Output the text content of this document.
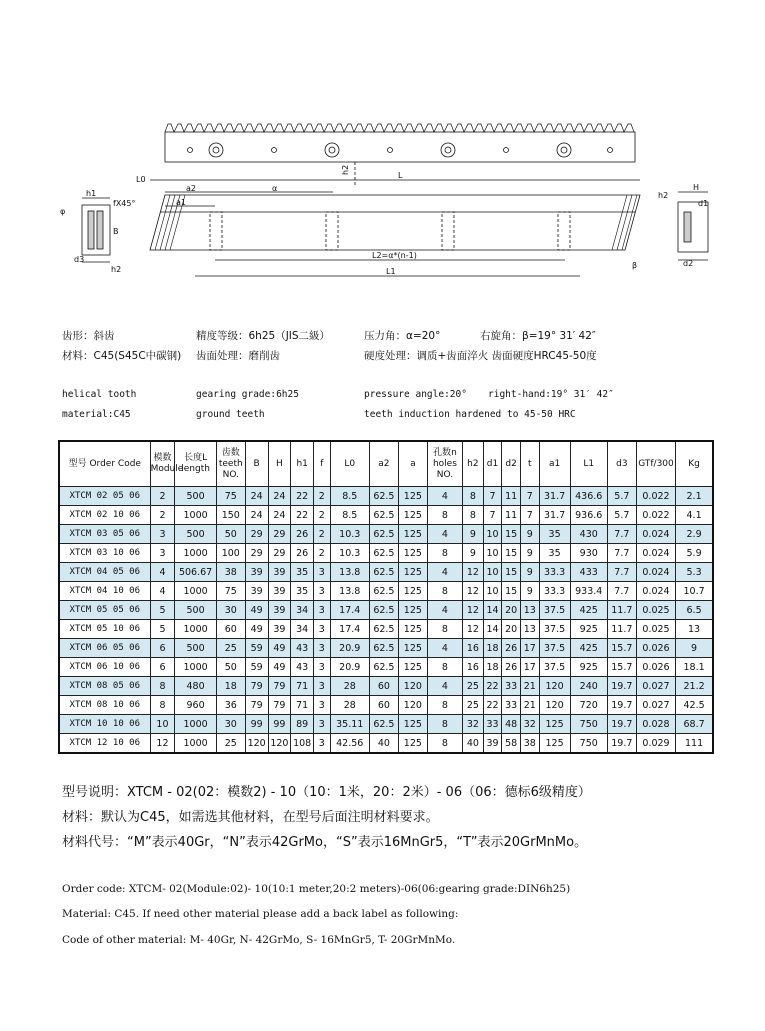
h2
L0
a2	α
a1
L
L2=α*(n-1)
L1
β
h1
fX45°
B
d3
h2
φ
h2
H
d1
d2
齿形：斜齿	精度等级：6h25（JIS二級）	压力角：α=20°	右旋角：β=19° 31′ 42″
材料：C45(S45C中碳钢) 齿面处理：磨削齿	硬度处理：调质+齿面淬火 齿面硬度HRC45-50度
helical tooth	gearing grade:6h25	pressure angle:20° right-hand:19° 31′ 42″
material:C45	ground teeth	teeth induction hardened to 45-50 HRC
型号 Order Code	模数 Module	长度L length	齿数 teeth NO.	B	H	h1	f	L0	a2	a	孔数n holes NO.	h2	d1	d2	t	a1	L1	d3	GTf/300	Kg
XTCM 02 05 06	2	500	75	24	24	22	2	8.5	62.5	125	4	8	7	11	7	31.7	436.6	5.7	0.022	2.1
XTCM 02 10 06	2	1000	150	24	24	22	2	8.5	62.5	125	8	8	7	11	7	31.7	936.6	5.7	0.022	4.1
XTCM 03 05 06	3	500	50	29	29	26	2	10.3	62.5	125	4	9	10	15	9	35	430	7.7	0.024	2.9
XTCM 03 10 06	3	1000	100	29	29	26	2	10.3	62.5	125	8	9	10	15	9	35	930	7.7	0.024	5.9
XTCM 04 05 06	4	506.67	38	39	39	35	3	13.8	62.5	125	4	12	10	15	9	33.3	433	7.7	0.024	5.3
XTCM 04 10 06	4	1000	75	39	39	35	3	13.8	62.5	125	8	12	10	15	9	33.3	933.4	7.7	0.024	10.7
XTCM 05 05 06	5	500	30	49	39	34	3	17.4	62.5	125	4	12	14	20	13	37.5	425	11.7	0.025	6.5
XTCM 05 10 06	5	1000	60	49	39	34	3	17.4	62.5	125	8	12	14	20	13	37.5	925	11.7	0.025	13
XTCM 06 05 06	6	500	25	59	49	43	3	20.9	62.5	125	4	16	18	26	17	37.5	425	15.7	0.026	9
XTCM 06 10 06	6	1000	50	59	49	43	3	20.9	62.5	125	8	16	18	26	17	37.5	925	15.7	0.026	18.1
XTCM 08 05 06	8	480	18	79	79	71	3	28	60	120	4	25	22	33	21	120	240	19.7	0.027	21.2
XTCM 08 10 06	8	960	36	79	79	71	3	28	60	120	8	25	22	33	21	120	720	19.7	0.027	42.5
XTCM 10 10 06	10	1000	30	99	99	89	3	35.11	62.5	125	8	32	33	48	32	125	750	19.7	0.028	68.7
XTCM 12 10 06	12	1000	25	120	120	108	3	42.56	40	125	8	40	39	58	38	125	750	19.7	0.029	111
型号说明：XTCM - 02(02：模数2) - 10（10：1米，20：2米）- 06（06：德标6级精度）
材料：默认为C45，如需选其他材料，在型号后面注明材料要求。
材料代号：“M”表示40Gr，“N”表示42GrMo，“S”表示16MnGr5，“T”表示20GrMnMo。
Order code: XTCM- 02(Module:02)- 10(10:1 meter,20:2 meters)-06(06:gearing grade:DIN6h25)
Material: C45. If need other material please add a back label as following:
Code of other material: M- 40Gr, N- 42GrMo, S- 16MnGr5, T- 20GrMnMo.
